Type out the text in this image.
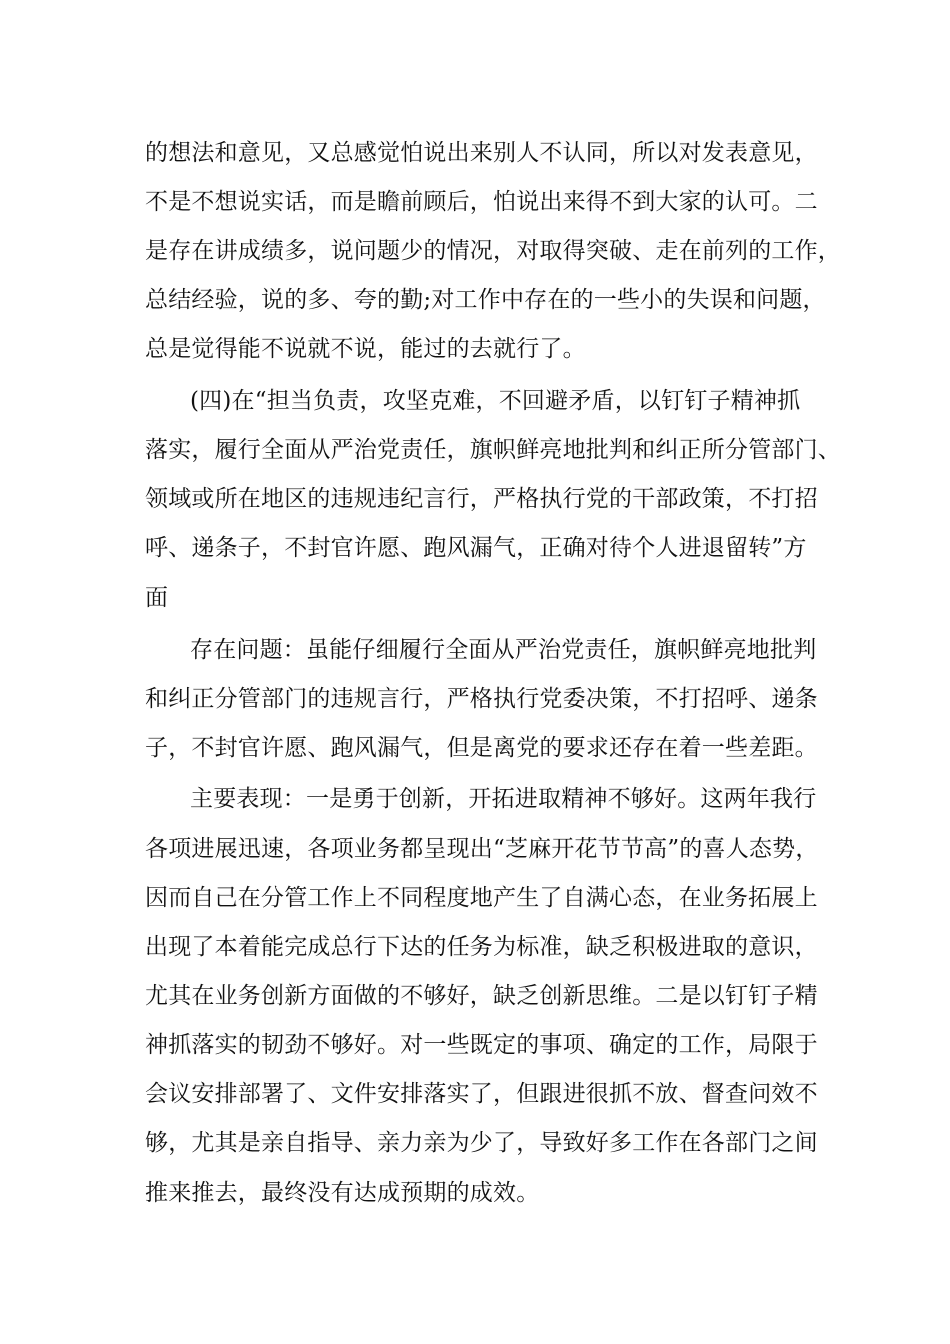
的想法和意见，又总感觉怕说出来别人不认同，所以对发表意见，
不是不想说实话，而是瞻前顾后，怕说出来得不到大家的认可。二
是存在讲成绩多，说问题少的情况，对取得突破、走在前列的工作，
总结经验，说的多、夸的勤;对工作中存在的一些小的失误和问题，
总是觉得能不说就不说，能过的去就行了。
(四)在“担当负责，攻坚克难，不回避矛盾，以钉钉子精神抓
落实，履行全面从严治党责任，旗帜鲜亮地批判和纠正所分管部门、
领域或所在地区的违规违纪言行，严格执行党的干部政策，不打招
呼、递条子，不封官许愿、跑风漏气，正确对待个人进退留转”方
面
存在问题：虽能仔细履行全面从严治党责任，旗帜鲜亮地批判
和纠正分管部门的违规言行，严格执行党委决策，不打招呼、递条
子，不封官许愿、跑风漏气，但是离党的要求还存在着一些差距。
主要表现：一是勇于创新，开拓进取精神不够好。这两年我行
各项进展迅速，各项业务都呈现出“芝麻开花节节高”的喜人态势，
因而自己在分管工作上不同程度地产生了自满心态，在业务拓展上
出现了本着能完成总行下达的任务为标准，缺乏积极进取的意识，
尤其在业务创新方面做的不够好，缺乏创新思维。二是以钉钉子精
神抓落实的韧劲不够好。对一些既定的事项、确定的工作，局限于
会议安排部署了、文件安排落实了，但跟进很抓不放、督查问效不
够，尤其是亲自指导、亲力亲为少了，导致好多工作在各部门之间
推来推去，最终没有达成预期的成效。
